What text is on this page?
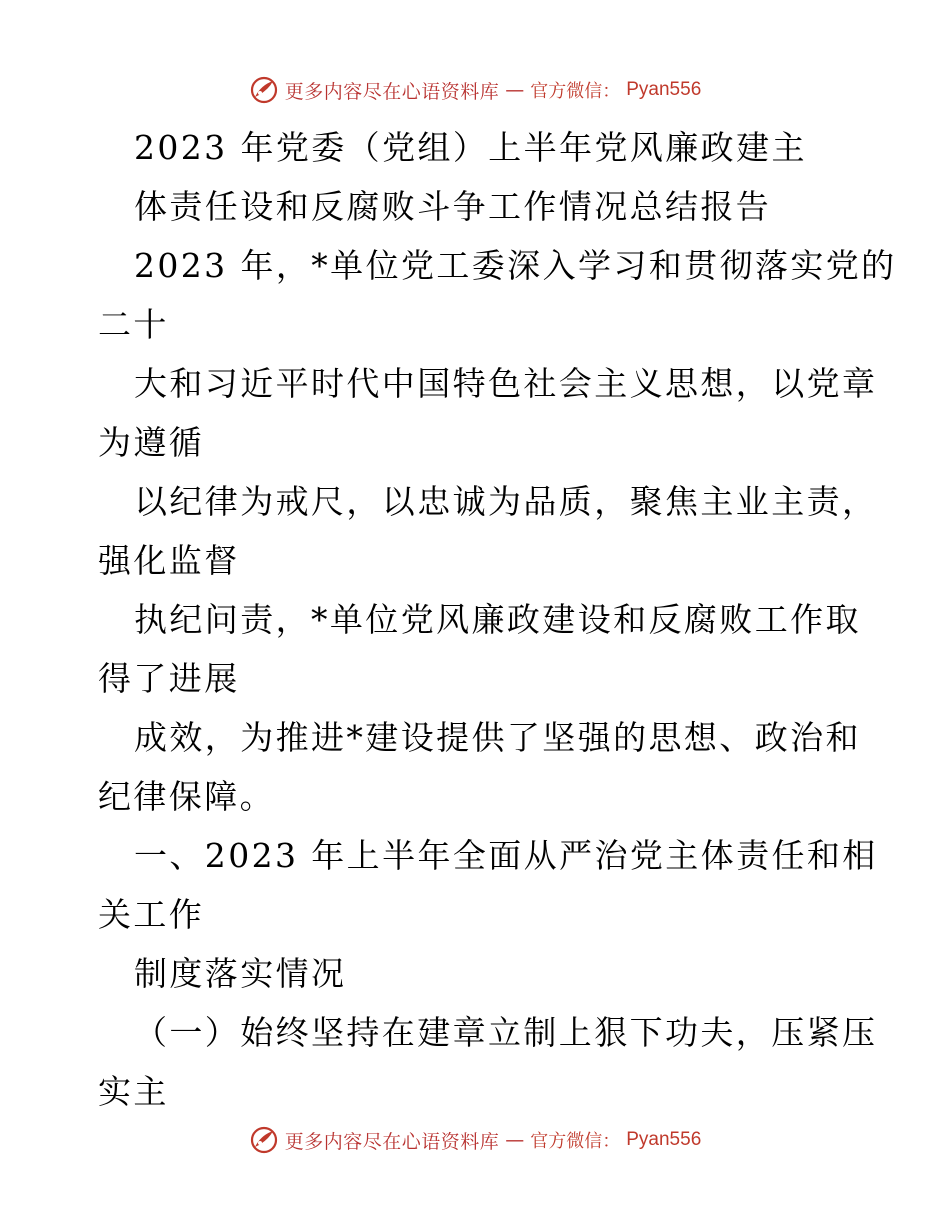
更多内容尽在心语资料库 — 官方微信： Pyan556
2023 年党委（党组）上半年党风廉政建主
体责任设和反腐败斗争工作情况总结报告
2023 年，*单位党工委深入学习和贯彻落实党的
二十
大和习近平时代中国特色社会主义思想，以党章
为遵循
以纪律为戒尺，以忠诚为品质，聚焦主业主责，
强化监督
执纪问责，*单位党风廉政建设和反腐败工作取
得了进展
成效，为推进*建设提供了坚强的思想、政治和
纪律保障。
一、2023 年上半年全面从严治党主体责任和相
关工作
制度落实情况
（一）始终坚持在建章立制上狠下功夫，压紧压
实主
更多内容尽在心语资料库 — 官方微信： Pyan556
